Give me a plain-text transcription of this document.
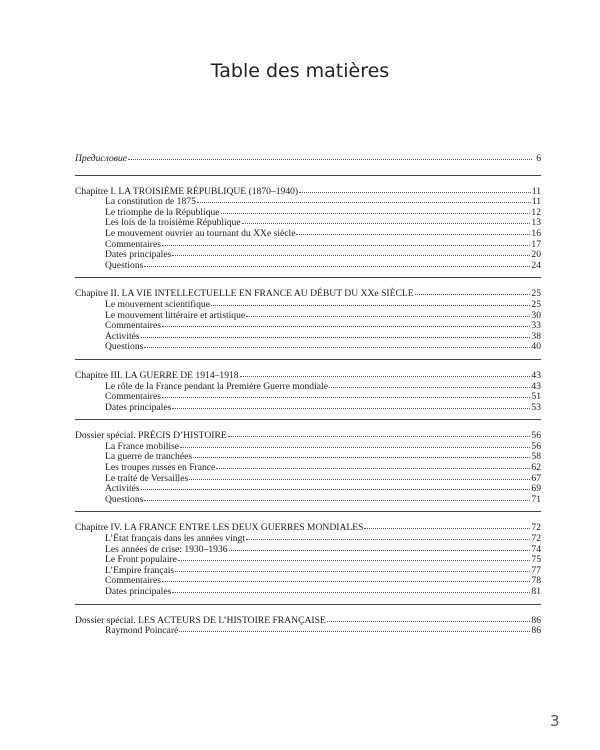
Table des matières
Предисловие	6
Chapitre I. LA TROISIÈME RÉPUBLIQUE (1870–1940)	11
La constitution de 1875	11
Le triomphe de la République	12
Les lois de la troisième République	13
Le mouvement ouvrier au tournant du XXe siècle	16
Commentaires	17
Dates principales	20
Questions	24
Chapitre II. LA VIE INTELLECTUELLE EN FRANCE AU DÉBUT DU XXe SIÈCLE	25
Le mouvement scientifique	25
Le mouvement littéraire et artistique	30
Commentaires	33
Activités	38
Questions	40
Chapitre III. LA GUERRE DE 1914–1918	43
Le rôle de la France pendant la Première Guerre mondiale	43
Commentaires	51
Dates principales	53
Dossier spécial. PRÉCIS D’HISTOIRE	56
La France mobilise	56
La guerre de tranchées	58
Les troupes russes en France	62
Le traité de Versailles	67
Activités	69
Questions	71
Chapitre IV. LA FRANCE ENTRE LES DEUX GUERRES MONDIALES	72
L’État français dans les années vingt	72
Les années de crise: 1930–1936	74
Le Front populaire	75
L’Empire français	77
Commentaires	78
Dates principales	81
Dossier spécial. LES ACTEURS DE L’HISTOIRE FRANÇAISE	86
Raymond Poincaré	86
3
